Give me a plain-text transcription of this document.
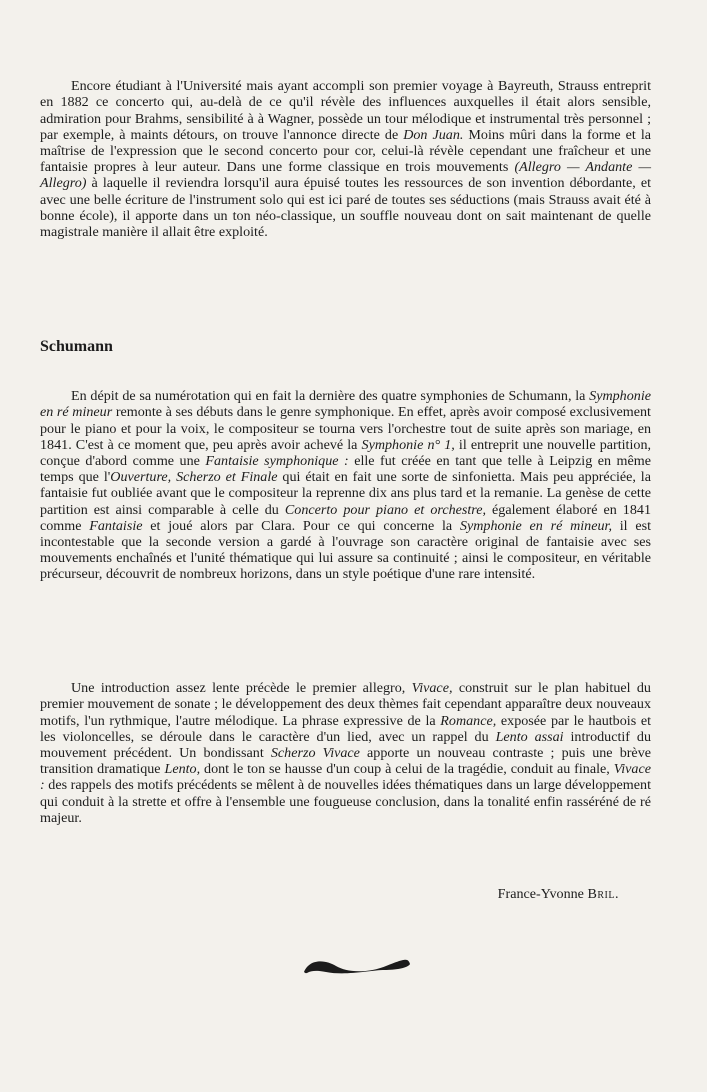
Encore étudiant à l'Université mais ayant accompli son premier voyage à Bayreuth, Strauss entreprit en 1882 ce concerto qui, au-delà de ce qu'il révèle des influences auxquelles il était alors sensible, admiration pour Brahms, sensibilité à à Wagner, possède un tour mélodique et instrumental très personnel ; par exemple, à maints détours, on trouve l'annonce directe de Don Juan. Moins mûri dans la forme et la maîtrise de l'expression que le second concerto pour cor, celui-là révèle cependant une fraîcheur et une fantaisie propres à leur auteur. Dans une forme classique en trois mouvements (Allegro — Andante — Allegro) à laquelle il reviendra lorsqu'il aura épuisé toutes les ressources de son invention débordante, et avec une belle écriture de l'instrument solo qui est ici paré de toutes ses séductions (mais Strauss avait été à bonne école), il apporte dans un ton néo-classique, un souffle nouveau dont on sait maintenant de quelle magistrale manière il allait être exploité.

Schumann

En dépit de sa numérotation qui en fait la dernière des quatre symphonies de Schumann, la Symphonie en ré mineur remonte à ses débuts dans le genre symphonique. En effet, après avoir composé exclusivement pour le piano et pour la voix, le compositeur se tourna vers l'orchestre tout de suite après son mariage, en 1841. C'est à ce moment que, peu après avoir achevé la Symphonie n° 1, il entreprit une nouvelle partition, conçue d'abord comme une Fantaisie symphonique : elle fut créée en tant que telle à Leipzig en même temps que l'Ouverture, Scherzo et Finale qui était en fait une sorte de sinfonietta. Mais peu appréciée, la fantaisie fut oubliée avant que le compositeur la reprenne dix ans plus tard et la remanie. La genèse de cette partition est ainsi comparable à celle du Concerto pour piano et orchestre, également élaboré en 1841 comme Fantaisie et joué alors par Clara. Pour ce qui concerne la Symphonie en ré mineur, il est incontestable que la seconde version a gardé à l'ouvrage son caractère original de fantaisie avec ses mouvements enchaînés et l'unité thématique qui lui assure sa continuité ; ainsi le compositeur, en véritable précurseur, découvrit de nombreux horizons, dans un style poétique d'une rare intensité.

Une introduction assez lente précède le premier allegro, Vivace, construit sur le plan habituel du premier mouvement de sonate ; le développement des deux thèmes fait cependant apparaître deux nouveaux motifs, l'un rythmique, l'autre mélodique. La phrase expressive de la Romance, exposée par le hautbois et les violoncelles, se déroule dans le caractère d'un lied, avec un rappel du Lento assai introductif du mouvement précédent. Un bondissant Scherzo Vivace apporte un nouveau contraste ; puis une brève transition dramatique Lento, dont le ton se hausse d'un coup à celui de la tragédie, conduit au finale, Vivace : des rappels des motifs précédents se mêlent à de nouvelles idées thématiques dans un large développement qui conduit à la strette et offre à l'ensemble une fougueuse conclusion, dans la tonalité enfin rasséréné de ré majeur.

France-Yvonne Bril.
